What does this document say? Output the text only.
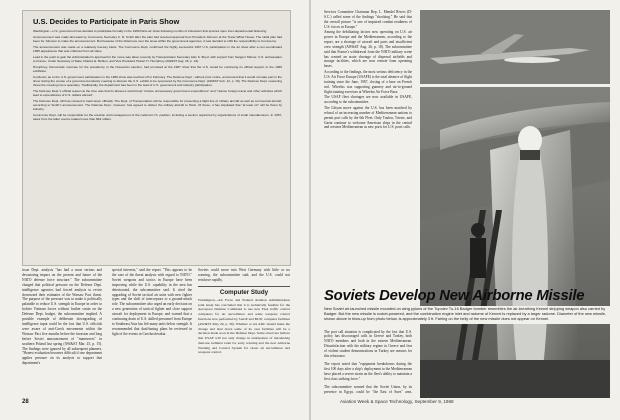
U.S. Decides to Participate in Paris Show

Washington—U.S. government has decided to participate formally in the 1969 Paris air show following months of indecision that spurred open inter-departmental bickering.

Announcement was made last week by Commerce Secretary C. R. Smith after the plan had received approval from President Johnson at the Texas White House. The initial plan had been for Johnson to make the announcement. But because of the bitterness over the issue within the government agencies, it was decided to shift the responsibility to Commerce.

The announcement was made on a relatively low-key basis. The Commerce Dept. confirmed the highly successful 1967 U.S. participation in the air show after a non-coordinated 1965 appearance that was criticized from all sides.

Lead in the push to gain the Administration's approval for the move was taken recently by Transportation Secretary Alan S. Boyd, with support from Sargent Shriver, U.S. ambassador to France; Under Secretary of State Charles E. Bohlen, and Vice President Hubert H. Humphrey (AW&ST Aug. 26, p. 22).

Humphrey, Democratic nominee for the presidency in the November election, had promised at the 1967 show that the U.S. would be continuing its official support to the 1969 exhibition.

Confusion as to the U.S. government participation in the 1969 show was touched off in February. The Defense Dept., without prior notice, announced that it would not take part in the show during the course of a government-industry meeting to discuss the U.S. exhibit to be sponsored by the Commerce Dept. (AW&ST Feb. 12, p. 19). The Defense Dept. reasoning threw the meeting into a quandary. Traditionally, the department has been in the lead of U.S. government and industry participation.

The Defense Dept.'s official reason at the time was that its absence would help "reduce unnecessary government expenditures" and "reduce foreign travel and other activities which lead to expenditures of U.S. dollars abroad".

The Defense Dept. still has refused to back down officially. The Dept. of Transportation will be responsible for presenting a flight line of military aircraft as well as commercial aircraft, according to Smith's announcement. The Defense Dept., however, has agreed to deliver the military aircraft to Paris. Of these, it has stipulated that "at least six" will be flown by industry.

Commerce Dept. will be responsible for the erection and management of the national U.S. pavilion, including a section organized by organizations of small manufacturers. In 1967, sales from the latter source totaled more than $19 million.

issue Dept. analysis "has had a most serious and devastating impact on the present and future of the NATO defense force structure." The subcommittee charged that political pressure on the Defense Dept. intelligence agencies had forced analysts to revise downward their estimates of the Warsaw Pact threat. The purpose of the pressure was to make it politically palatable to reduce U.S. strength in Europe in order to bolster Vietnam forces without further strain on the Defense Dept. budget, the subcommittee implied. A possible example of deliberate downgrading of intelligence input could be the fact that U.S. officials were aware of anti-Czech movements within the Warsaw Pact five months before the invasion and long before Soviet announcement of "maneuvers" in southern Poland last spring (AW&ST Mar. 25, p. 15). The findings were ignored by all subsequent planners. "Honest evaluation becomes difficult if one department applies pressure on its analysts to support that department's

special interests," said the report. "This appears to be the case of the threat analysis with regard to NATO." Soviet weapons and tactics in Europe have been improving while the U.S. capability in the area has deteriorated, the subcommittee said. It cited the upgrading of Soviet tactical air units with new fighter types and the shift of interceptors to a ground-attack role. The subcommittee also urged an early decision on a new generation of tactical fighter and close support aircraft for deployment in Europe, and warned that a continuing drain of U.S. skilled personnel from Europe to Southeast Asia has left many units below strength. It recommended that dual-basing plans be reviewed in light of the events in Czechoslovakia.

Soviets could move into West Germany with little or no warning, the subcommittee said, and the U.S. could not reinforce rapidly.
Computer Study
Washington—Air Force and Federal Aviation Administration joint study has concluded that it is technically feasible for the Aerospace Defense Command to use new FAA traffic control computers for air surveillance and some weapons control functions now performed by SAGE and BUIC computer facilities (AW&ST May 20, p. 30). Whether or not ADC should make the change and shut down some of its own facilities will be a decision made soon in the Defense Dept. Some observers believe that USAF will not only change in anticipation of introducing dual-use terminal radar for early warning and the new Airborne Warning and Control System for closer air surveillance and weapons control.
28	Aviation Week & Space Technology, September 9, 1968

Services Committee Chairman Rep. L. Mendel Rivers (D-S.C.) called some of the findings "shocking." He said that the overall picture "is one of impaired combat readiness of U.S. forces in Europe."

Among the debilitating factors now operating on U.S. air power in Europe and the Mediterranean, according to the report, are a shortage of aircraft and parts and insufficient crew strength (AW&ST Aug. 26, p. 18). The subcommittee said that France's withdrawal from the NATO military scene has created an acute shortage of dispersal airfields and storage facilities, which are now remote from operating bases.

According to the findings, the most serious deficiency in the U.S. Air Force Europe (USAFE) is the total absence of flight training since the June, 1967, closing of a base on French soil. Wheelus was supporting gunnery and air-to-ground flight training exercises at Wheelus Air Force Base.

The USAF fleet shortages are now available in USAFE, according to the subcommittee.

The Libyan move against the U.S. has been matched by refusal of an increasing number of Mediterranean nations to permit port calls by the 6th Fleet. Only Toulon, Trieste, and Gaeta continue to welcome American ships in the central and western Mediterranean as new ports for U.S. ports calls.

Soviets Develop New Airborne Missile
New Soviet air-launched missile mounted on wing pylons of the Tupolev Tu-16 Badger bomber resembles the air-breathing Kennel stripping weapon also carried by Badger. But the new missile is rocket-powered, and the combination engine inlet and radome of Kennel is replaced by a larger radome. Diameter of the new missile, shown above in blow-up from photo below, is approximately 3 ft. Fairing on the belly of the new missile does not appear on Kennel.

The port call situation is complicated by the fact that U.S. policy has discouraged calls in Greece and Turkey, both NATO members and both in the eastern Mediterranean. Dissatisfaction with the military regime in Greece and fear of violent student demonstrations in Turkey are reasons for this reluctance.

The report noted that "equipment breakdowns during the first 100 days after a ship's deployment to the Mediterranean have placed a severe strain on the fleet's ability to maintain a first class striking force."

The subcommittee warned that the Soviet Union, by its presence in Egypt, could be "the East of Suez" area,
